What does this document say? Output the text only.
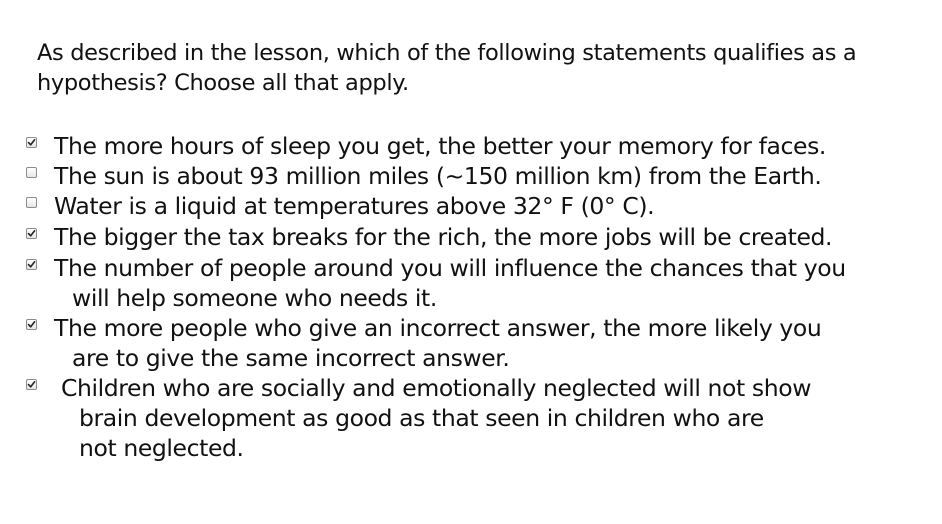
As described in the lesson, which of the following statements qualifies as a
hypothesis? Choose all that apply.

The more hours of sleep you get, the better your memory for faces.

The sun is about 93 million miles (~150 million km) from the Earth.

Water is a liquid at temperatures above 32° F (0° C).

The bigger the tax breaks for the rich, the more jobs will be created.

The number of people around you will influence the chances that you
will help someone who needs it.

The more people who give an incorrect answer, the more likely you
are to give the same incorrect answer.

Children who are socially and emotionally neglected will not show
brain development as good as that seen in children who are
not neglected.
